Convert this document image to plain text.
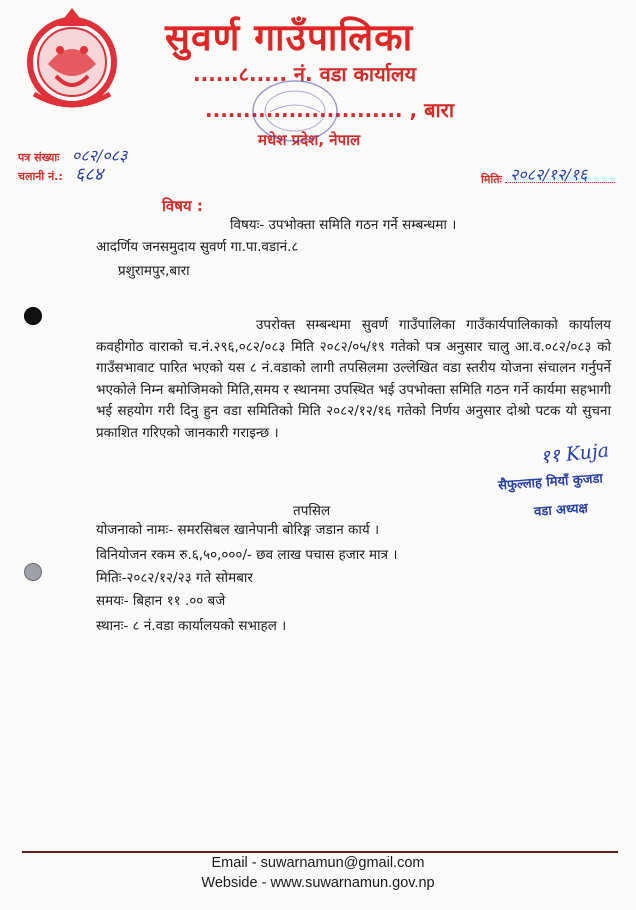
सुवर्ण गाउँपालिका
......८..... नं. वडा कार्यालय
.......................... , बारा
मधेश प्रदेश, नेपाल
पत्र संख्याः ०८२/०८३
चलानी नं.: ६८४	मितिः २०८२/१२/१६
विषय :
विषयः- उपभोक्ता समिति गठन गर्ने सम्बन्धमा ।
आदर्णिय जनसमुदाय सुवर्ण गा.पा.वडानं.८
प्रशुरामपुर,बारा
उपरोक्त सम्बन्धमा सुवर्ण गाउँपालिका गाउँकार्यपालिकाको कार्यालय कवहीगोठ वाराको च.नं.२९६,०८२/०८३ मिति २०८२/०५/१९ गतेको पत्र अनुसार चालु आ.व.०८२/०८३ को गाउँसभावाट पारित भएको यस ८ नं.वडाको लागी तपसिलमा उल्लेखित वडा स्तरीय योजना संचालन गर्नुपर्ने भएकोले निम्न बमोजिमको मिति,समय र स्थानमा उपस्थित भई उपभोक्ता समिति गठन गर्ने कार्यमा सहभागी भई सहयोग गरी दिनु हुन वडा समितिको मिति २०८२/१२/१६ गतेको निर्णय अनुसार दोश्रो पटक यो सुचना प्रकाशित गरिएको जानकारी गराइन्छ ।
११ Kuja
सैफुल्लाह मियाँ कुजडा
वडा अध्यक्ष
तपसिल
योजनाको नामः- समरसिबल खानेपानी बोरिङ्ग जडान कार्य ।
विनियोजन रकम रु.६,५०,०००/- छव लाख पचास हजार मात्र ।
मितिः-२०८२/१२/२३ गते सोमबार
समयः- बिहान ११ .०० बजे
स्थानः- ८ नं.वडा कार्यालयको सभाहल ।
Email - suwarnamun@gmail.com
Webside - www.suwarnamun.gov.np
